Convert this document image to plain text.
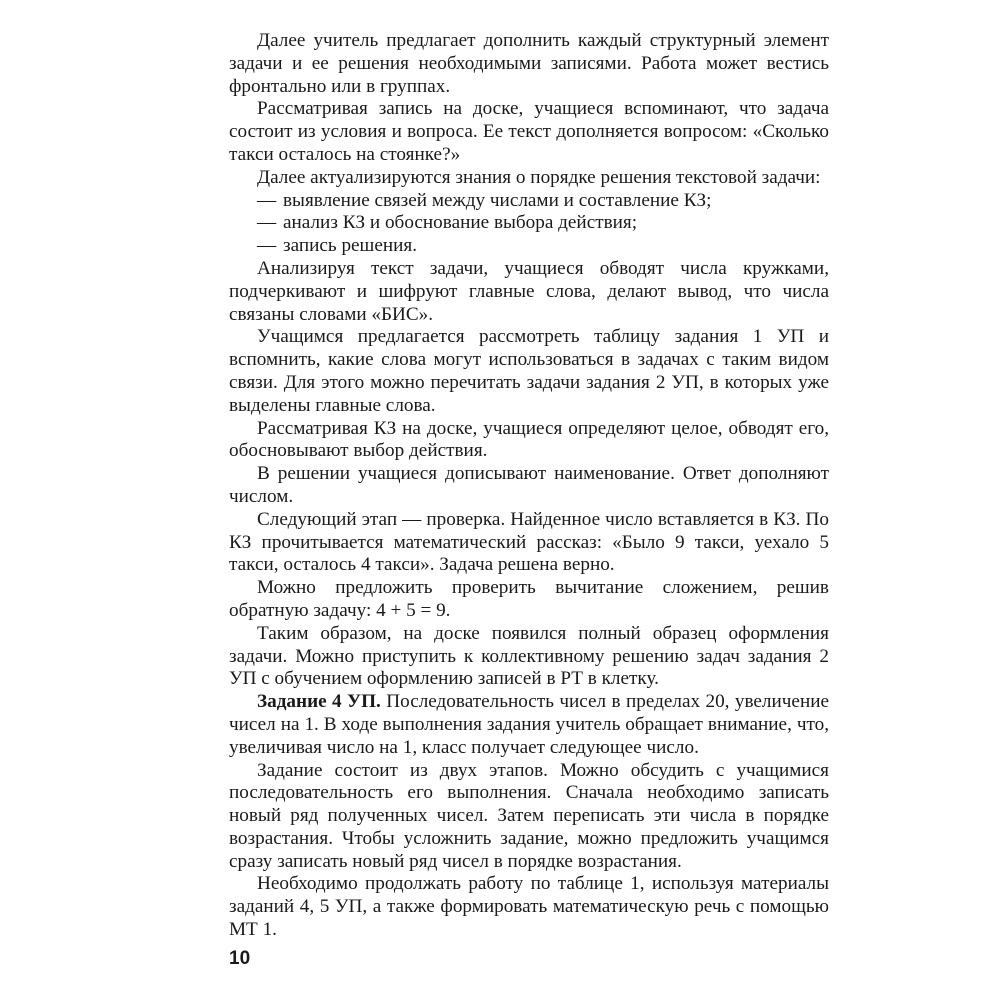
Далее учитель предлагает дополнить каждый структурный элемент задачи и ее решения необходимыми записями. Работа может вестись фронтально или в группах.

Рассматривая запись на доске, учащиеся вспоминают, что задача состоит из условия и вопроса. Ее текст дополняется вопросом: «Сколько такси осталось на стоянке?»

Далее актуализируются знания о порядке решения текстовой задачи:

— выявление связей между числами и составление КЗ;

— анализ КЗ и обоснование выбора действия;

— запись решения.

Анализируя текст задачи, учащиеся обводят числа кружками, подчеркивают и шифруют главные слова, делают вывод, что числа связаны словами «БИС».

Учащимся предлагается рассмотреть таблицу задания 1 УП и вспомнить, какие слова могут использоваться в задачах с таким видом связи. Для этого можно перечитать задачи задания 2 УП, в которых уже выделены главные слова.

Рассматривая КЗ на доске, учащиеся определяют целое, обводят его, обосновывают выбор действия.

В решении учащиеся дописывают наименование. Ответ дополняют числом.

Следующий этап — проверка. Найденное число вставляется в КЗ. По КЗ прочитывается математический рассказ: «Было 9 такси, уехало 5 такси, осталось 4 такси». Задача решена верно.

Можно предложить проверить вычитание сложением, решив обратную задачу: 4 + 5 = 9.

Таким образом, на доске появился полный образец оформления задачи. Можно приступить к коллективному решению задач задания 2 УП с обучением оформлению записей в РТ в клетку.

Задание 4 УП. Последовательность чисел в пределах 20, увеличение чисел на 1. В ходе выполнения задания учитель обращает внимание, что, увеличивая число на 1, класс получает следующее число.

Задание состоит из двух этапов. Можно обсудить с учащимися последовательность его выполнения. Сначала необходимо записать новый ряд полученных чисел. Затем переписать эти числа в порядке возрастания. Чтобы усложнить задание, можно предложить учащимся сразу записать новый ряд чисел в порядке возрастания.

Необходимо продолжать работу по таблице 1, используя материалы заданий 4, 5 УП, а также формировать математическую речь с помощью МТ 1.

10
